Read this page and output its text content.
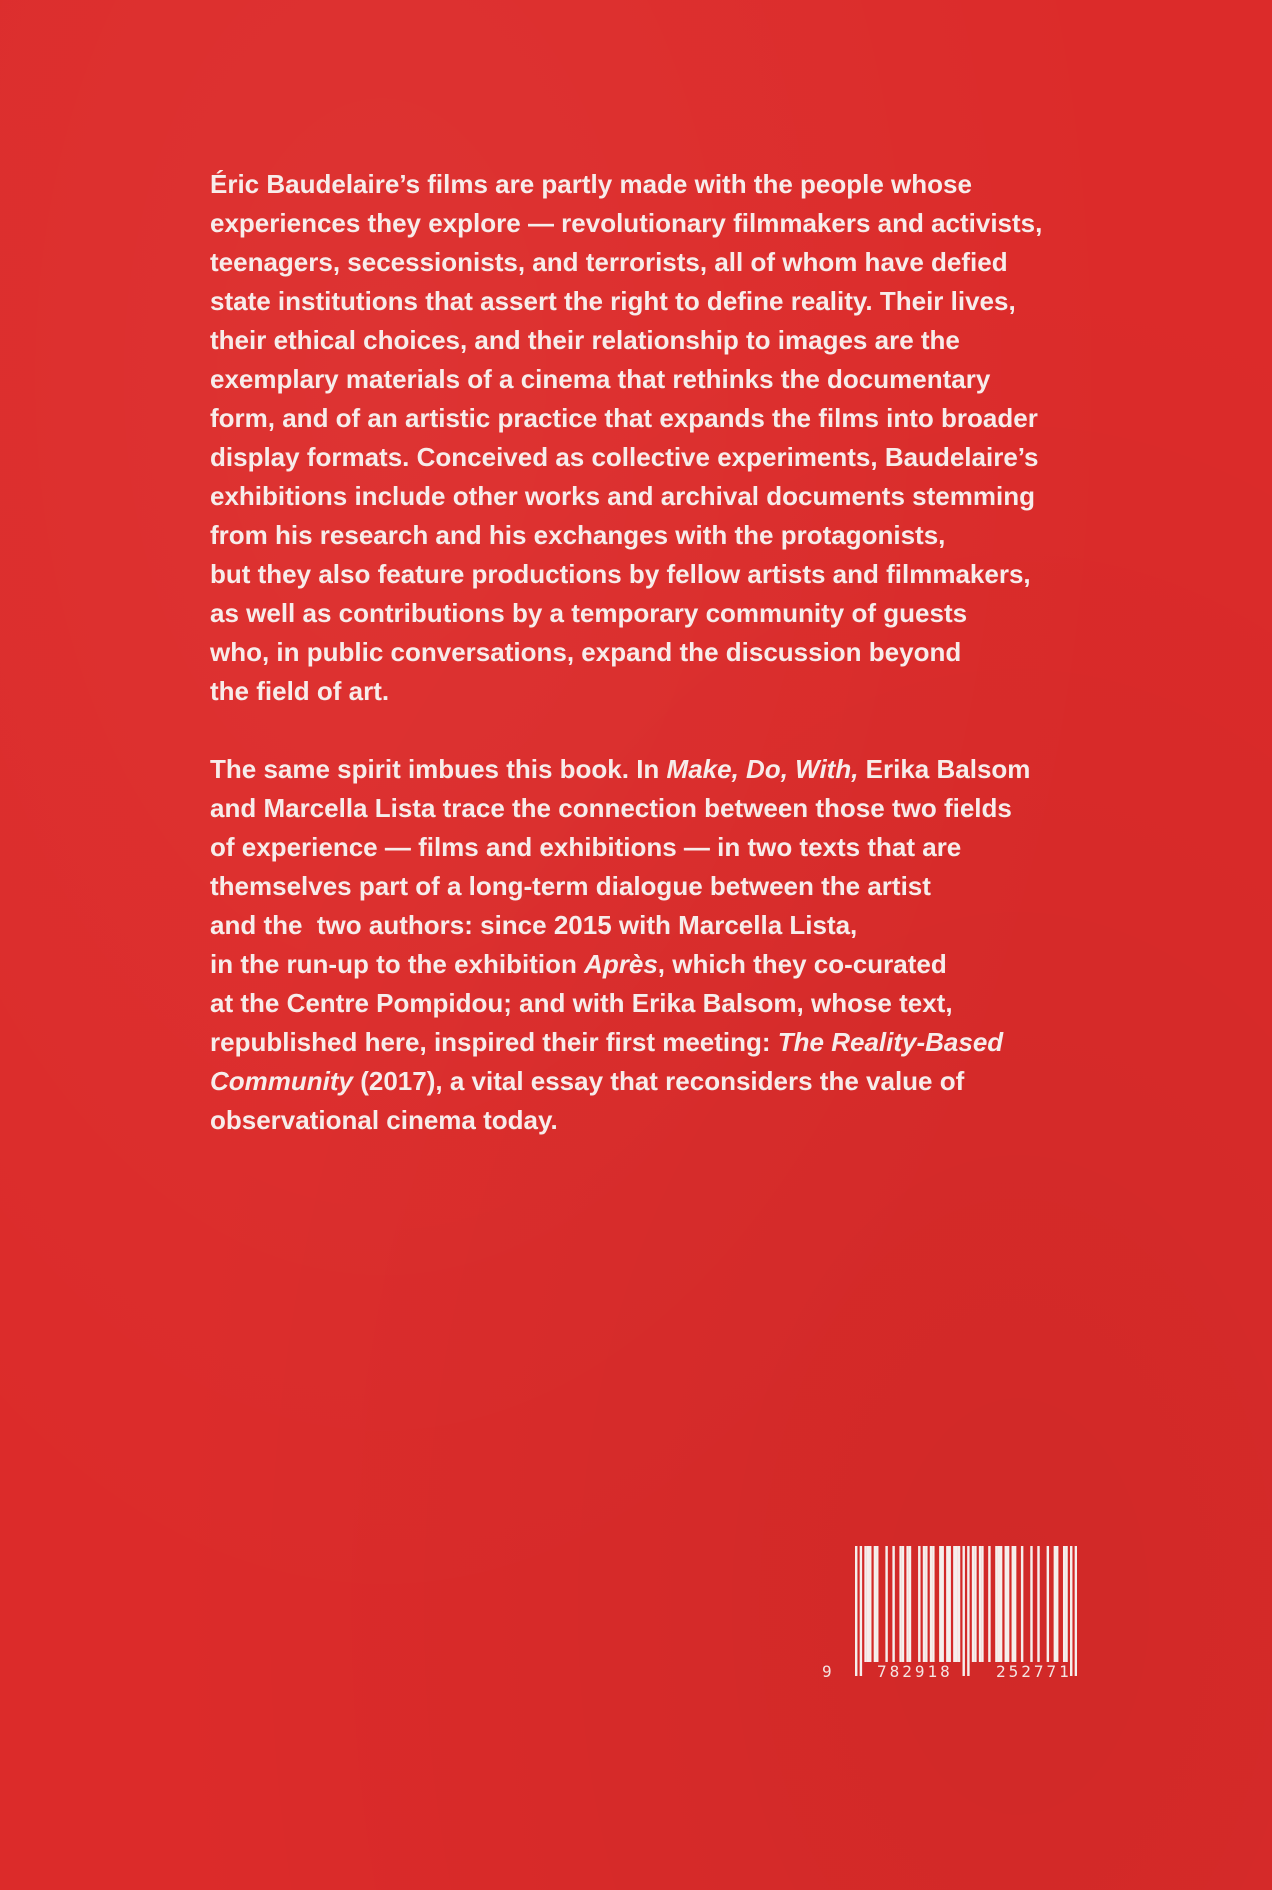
Éric Baudelaire’s films are partly made with the people whose
experiences they explore — revolutionary filmmakers and activists,
teenagers, secessionists, and terrorists, all of whom have defied
state institutions that assert the right to define reality. Their lives,
their ethical choices, and their relationship to images are the
exemplary materials of a cinema that rethinks the documentary
form, and of an artistic practice that expands the films into broader
display formats. Conceived as collective experiments, Baudelaire’s
exhibitions include other works and archival documents stemming
from his research and his exchanges with the protagonists,
but they also feature productions by fellow artists and filmmakers,
as well as contributions by a temporary community of guests
who, in public conversations, expand the discussion beyond
the field of art.
The same spirit imbues this book. In Make, Do, With, Erika Balsom
and Marcella Lista trace the connection between those two fields
of experience — films and exhibitions — in two texts that are
themselves part of a long-term dialogue between the artist
and the  two authors: since 2015 with Marcella Lista,
in the run-up to the exhibition Après, which they co-curated
at the Centre Pompidou; and with Erika Balsom, whose text,
republished here, inspired their first meeting: The Reality-Based
Community (2017), a vital essay that reconsiders the value of
observational cinema today.
9	782918	252771
